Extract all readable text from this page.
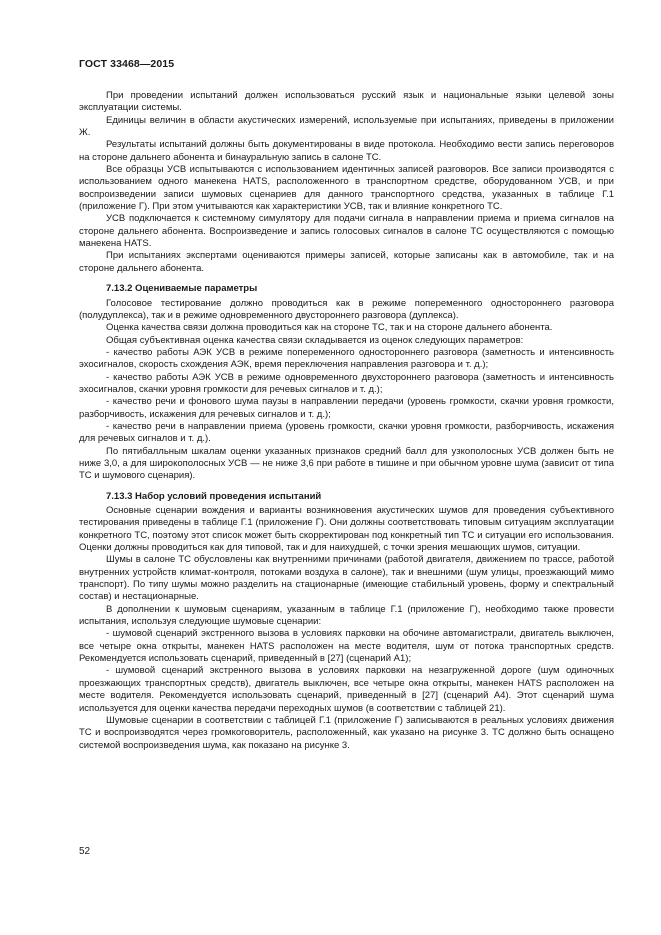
ГОСТ 33468—2015

При проведении испытаний должен использоваться русский язык и национальные языки целевой зоны эксплуатации системы.

Единицы величин в области акустических измерений, используемые при испытаниях, приведены в приложении Ж.

Результаты испытаний должны быть документированы в виде протокола. Необходимо вести запись переговоров на стороне дальнего абонента и бинауральную запись в салоне ТС.

Все образцы УСВ испытываются с использованием идентичных записей разговоров. Все записи производятся с использованием одного манекена HATS, расположенного в транспортном средстве, оборудованном УСВ, и при воспроизведении записи шумовых сценариев для данного транспортного средства, указанных в таблице Г.1 (приложение Г). При этом учитываются как характеристики УСВ, так и влияние конкретного ТС.

УСВ подключается к системному симулятору для подачи сигнала в направлении приема и приема сигналов на стороне дальнего абонента. Воспроизведение и запись голосовых сигналов в салоне ТС осуществляются с помощью манекена HATS.

При испытаниях экспертами оцениваются примеры записей, которые записаны как в автомобиле, так и на стороне дальнего абонента.

7.13.2 Оцениваемые параметры

Голосовое тестирование должно проводиться как в режиме попеременного одностороннего разговора (полудуплекса), так и в режиме одновременного двустороннего разговора (дуплекса).

Оценка качества связи должна проводиться как на стороне ТС, так и на стороне дальнего абонента.

Общая субъективная оценка качества связи складывается из оценок следующих параметров:

- качество работы АЭК УСВ в режиме попеременного одностороннего разговора (заметность и интенсивность эхосигналов, скорость схождения АЭК, время переключения направления разговора и т. д.);

- качество работы АЭК УСВ в режиме одновременного двухстороннего разговора (заметность и интенсивность эхосигналов, скачки уровня громкости для речевых сигналов и т. д.);

- качество речи и фонового шума паузы в направлении передачи (уровень громкости, скачки уровня громкости, разборчивость, искажения для речевых сигналов и т. д.);

- качество речи в направлении приема (уровень громкости, скачки уровня громкости, разборчивость, искажения для речевых сигналов и т. д.).

По пятибалльным шкалам оценки указанных признаков средний балл для узкополосных УСВ должен быть не ниже 3,0, а для широкополосных УСВ — не ниже 3,6 при работе в тишине и при обычном уровне шума (зависит от типа ТС и шумового сценария).

7.13.3 Набор условий проведения испытаний

Основные сценарии вождения и варианты возникновения акустических шумов для проведения субъективного тестирования приведены в таблице Г.1 (приложение Г). Они должны соответствовать типовым ситуациям эксплуатации конкретного ТС, поэтому этот список может быть скорректирован под конкретный тип ТС и ситуации его использования. Оценки должны проводиться как для типовой, так и для наихудшей, с точки зрения мешающих шумов, ситуации.

Шумы в салоне ТС обусловлены как внутренними причинами (работой двигателя, движением по трассе, работой внутренних устройств климат-контроля, потоками воздуха в салоне), так и внешними (шум улицы, проезжающий мимо транспорт). По типу шумы можно разделить на стационарные (имеющие стабильный уровень, форму и спектральный состав) и нестационарные.

В дополнении к шумовым сценариям, указанным в таблице Г.1 (приложение Г), необходимо также провести испытания, используя следующие шумовые сценарии:

- шумовой сценарий экстренного вызова в условиях парковки на обочине автомагистрали, двигатель выключен, все четыре окна открыты, манекен HATS расположен на месте водителя, шум от потока транспортных средств. Рекомендуется использовать сценарий, приведенный в [27] (сценарий А1);

- шумовой сценарий экстренного вызова в условиях парковки на незагруженной дороге (шум одиночных проезжающих транспортных средств), двигатель выключен, все четыре окна открыты, манекен HATS расположен на месте водителя. Рекомендуется использовать сценарий, приведенный в [27] (сценарий А4). Этот сценарий шума используется для оценки качества передачи переходных шумов (в соответствии с таблицей 21).

Шумовые сценарии в соответствии с таблицей Г.1 (приложение Г) записываются в реальных условиях движения ТС и воспроизводятся через громкоговоритель, расположенный, как указано на рисунке 3. ТС должно быть оснащено системой воспроизведения шума, как показано на рисунке 3.

52
